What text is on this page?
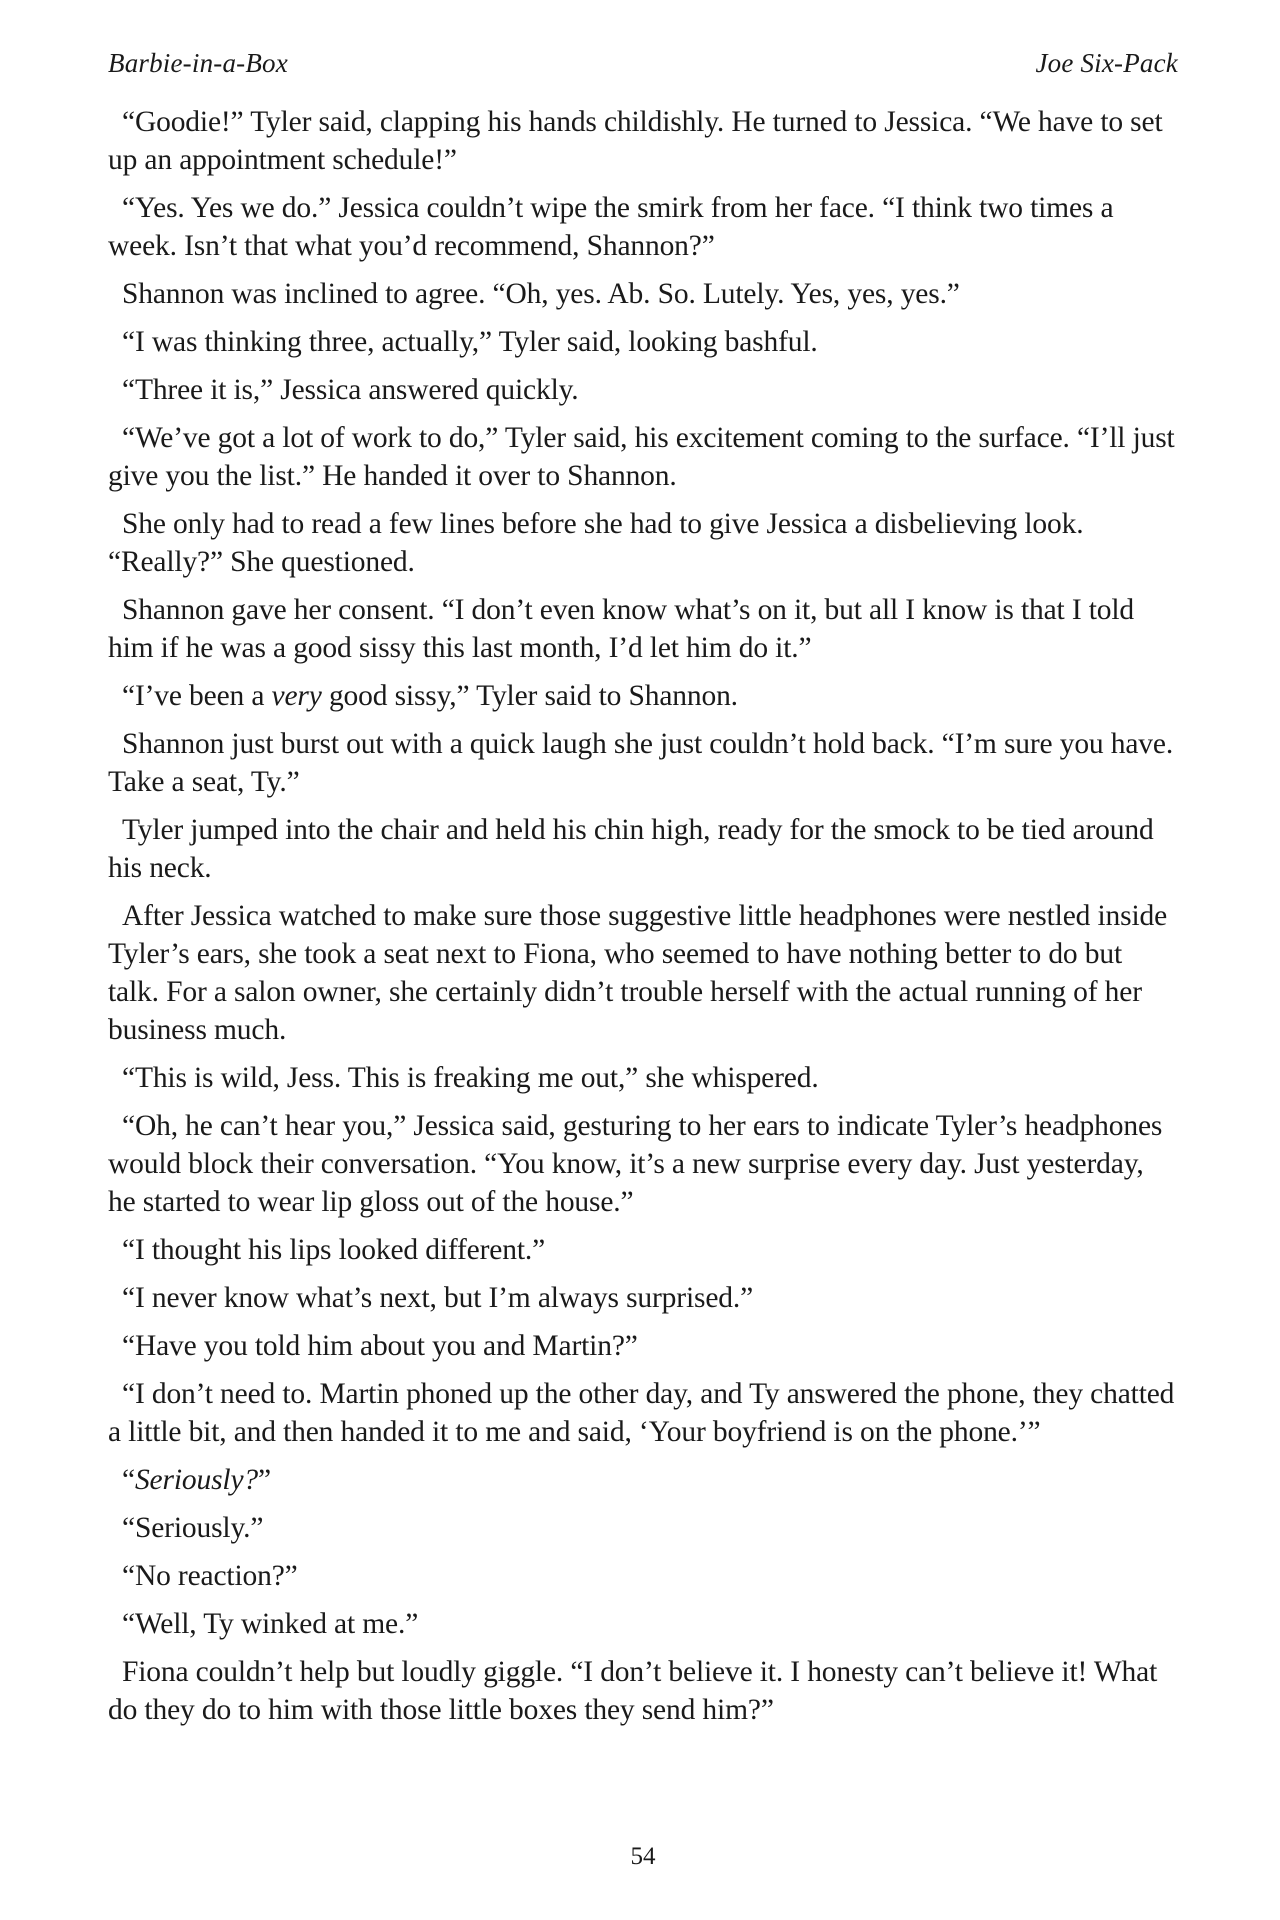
Barbie-in-a-Box	Joe Six-Pack

“Goodie!” Tyler said, clapping his hands childishly. He turned to Jessica. “We have to set up an appointment schedule!”

“Yes. Yes we do.” Jessica couldn’t wipe the smirk from her face. “I think two times a week. Isn’t that what you’d recommend, Shannon?”

Shannon was inclined to agree. “Oh, yes. Ab. So. Lutely. Yes, yes, yes.”

“I was thinking three, actually,” Tyler said, looking bashful.

“Three it is,” Jessica answered quickly.

“We’ve got a lot of work to do,” Tyler said, his excitement coming to the surface. “I’ll just give you the list.” He handed it over to Shannon.

She only had to read a few lines before she had to give Jessica a disbelieving look. “Really?” She questioned.

Shannon gave her consent. “I don’t even know what’s on it, but all I know is that I told him if he was a good sissy this last month, I’d let him do it.”

“I’ve been a very good sissy,” Tyler said to Shannon.

Shannon just burst out with a quick laugh she just couldn’t hold back. “I’m sure you have. Take a seat, Ty.”

Tyler jumped into the chair and held his chin high, ready for the smock to be tied around his neck.

After Jessica watched to make sure those suggestive little headphones were nestled inside Tyler’s ears, she took a seat next to Fiona, who seemed to have nothing better to do but talk. For a salon owner, she certainly didn’t trouble herself with the actual running of her business much.

“This is wild, Jess. This is freaking me out,” she whispered.

“Oh, he can’t hear you,” Jessica said, gesturing to her ears to indicate Tyler’s headphones would block their conversation. “You know, it’s a new surprise every day. Just yesterday, he started to wear lip gloss out of the house.”

“I thought his lips looked different.”

“I never know what’s next, but I’m always surprised.”

“Have you told him about you and Martin?”

“I don’t need to. Martin phoned up the other day, and Ty answered the phone, they chatted a little bit, and then handed it to me and said, ‘Your boyfriend is on the phone.’”

“Seriously?”

“Seriously.”

“No reaction?”

“Well, Ty winked at me.”

Fiona couldn’t help but loudly giggle. “I don’t believe it. I honesty can’t believe it! What do they do to him with those little boxes they send him?”

54
